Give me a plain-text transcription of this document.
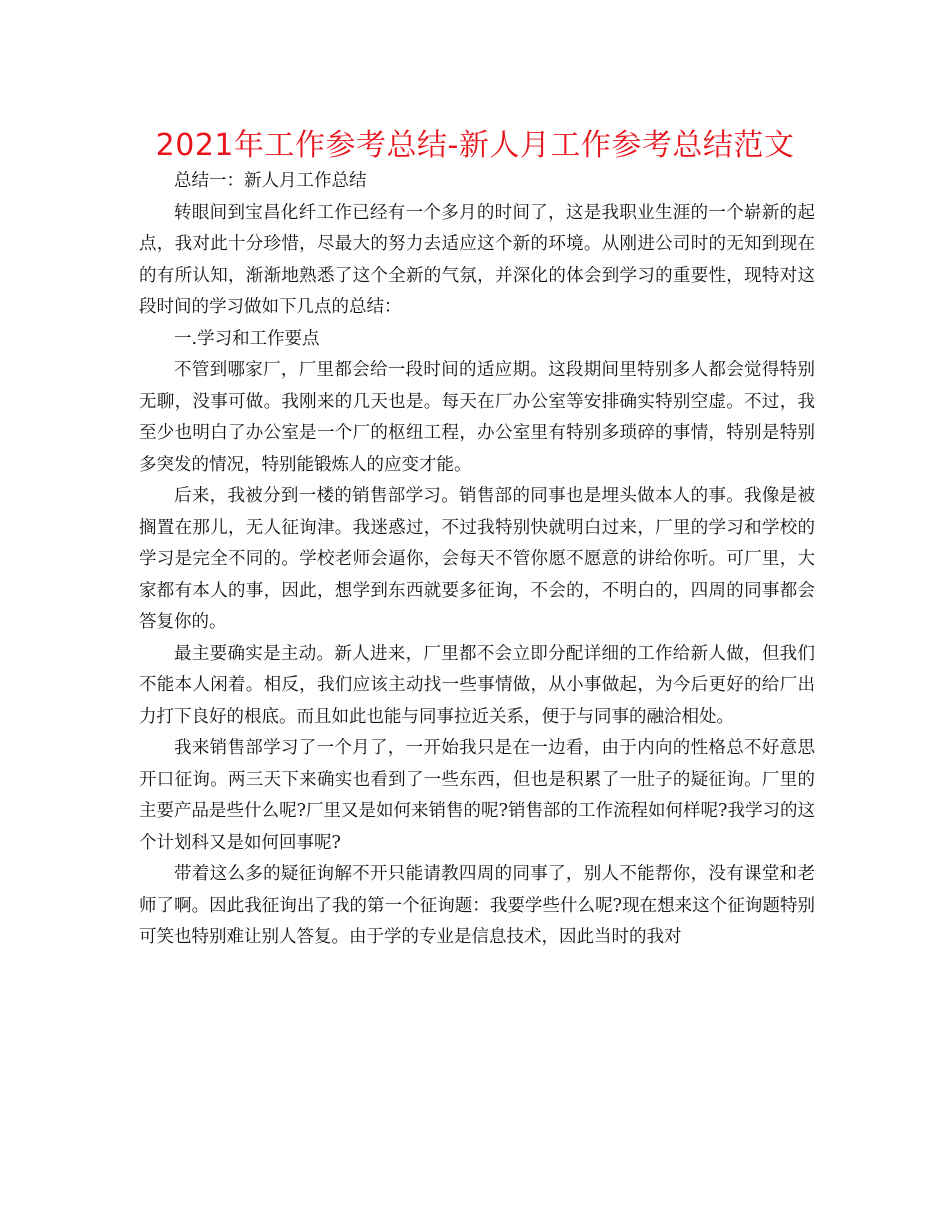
2021年工作参考总结-新人月工作参考总结范文

总结一：新人月工作总结

转眼间到宝昌化纤工作已经有一个多月的时间了，这是我职业生涯的一个崭新的起点，我对此十分珍惜，尽最大的努力去适应这个新的环境。从刚进公司时的无知到现在的有所认知，渐渐地熟悉了这个全新的气氛，并深化的体会到学习的重要性，现特对这段时间的学习做如下几点的总结：

一.学习和工作要点

不管到哪家厂，厂里都会给一段时间的适应期。这段期间里特别多人都会觉得特别无聊，没事可做。我刚来的几天也是。每天在厂办公室等安排确实特别空虚。不过，我至少也明白了办公室是一个厂的枢纽工程，办公室里有特别多琐碎的事情，特别是特别多突发的情况，特别能锻炼人的应变才能。

后来，我被分到一楼的销售部学习。销售部的同事也是埋头做本人的事。我像是被搁置在那儿，无人征询津。我迷惑过，不过我特别快就明白过来，厂里的学习和学校的学习是完全不同的。学校老师会逼你，会每天不管你愿不愿意的讲给你听。可厂里，大家都有本人的事，因此，想学到东西就要多征询，不会的，不明白的，四周的同事都会答复你的。

最主要确实是主动。新人进来，厂里都不会立即分配详细的工作给新人做，但我们不能本人闲着。相反，我们应该主动找一些事情做，从小事做起，为今后更好的给厂出力打下良好的根底。而且如此也能与同事拉近关系，便于与同事的融洽相处。

我来销售部学习了一个月了，一开始我只是在一边看，由于内向的性格总不好意思开口征询。两三天下来确实也看到了一些东西，但也是积累了一肚子的疑征询。厂里的主要产品是些什么呢?厂里又是如何来销售的呢?销售部的工作流程如何样呢?我学习的这个计划科又是如何回事呢?

带着这么多的疑征询解不开只能请教四周的同事了，别人不能帮你，没有课堂和老师了啊。因此我征询出了我的第一个征询题：我要学些什么呢?现在想来这个征询题特别可笑也特别难让别人答复。由于学的专业是信息技术，因此当时的我对
